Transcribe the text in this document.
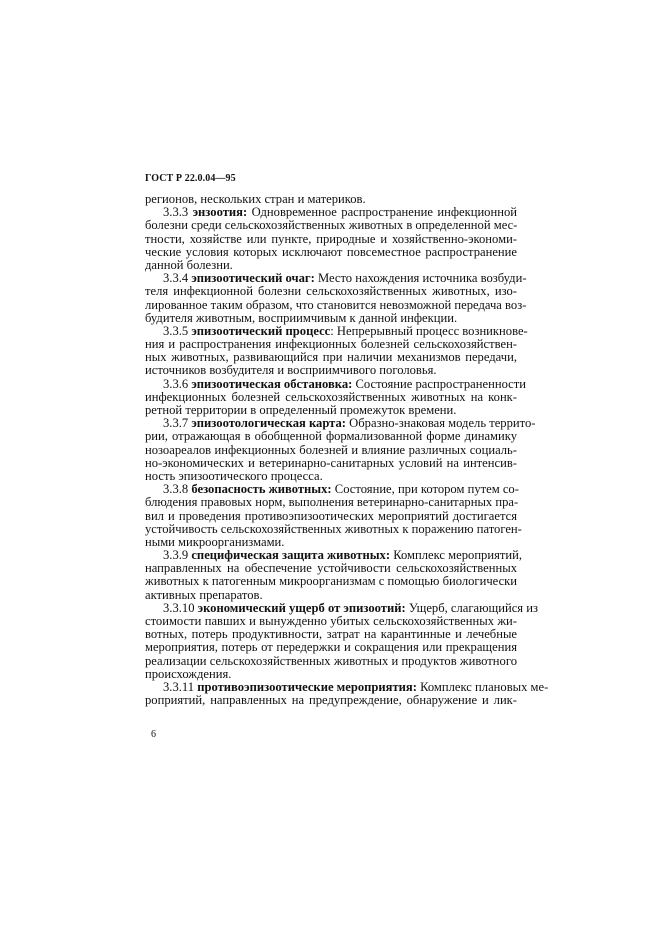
ГОСТ Р 22.0.04—95
регионов, нескольких стран и материков.
3.3.3 энзоотия: Одновременное распространение инфекционной
болезни среди сельскохозяйственных животных в определенной мес-
тности, хозяйстве или пункте, природные и хозяйственно-экономи-
ческие условия которых исключают повсеместное распространение
данной болезни.
3.3.4 эпизоотический очаг: Место нахождения источника возбуди-
теля инфекционной болезни сельскохозяйственных животных, изо-
лированное таким образом, что становится невозможной передача воз-
будителя животным, восприимчивым к данной инфекции.
3.3.5 эпизоотический процесс: Непрерывный процесс возникнове-
ния и распространения инфекционных болезней сельскохозяйствен-
ных животных, развивающийся при наличии механизмов передачи,
источников возбудителя и восприимчивого поголовья.
3.3.6 эпизоотическая обстановка: Состояние распространенности
инфекционных болезней сельскохозяйственных животных на конк-
ретной территории в определенный промежуток времени.
3.3.7 эпизоотологическая карта: Образно-знаковая модель террито-
рии, отражающая в обобщенной формализованной форме динамику
нозоареалов инфекционных болезней и влияние различных социаль-
но-экономических и ветеринарно-санитарных условий на интенсив-
ность эпизоотического процесса.
3.3.8 безопасность животных: Состояние, при котором путем со-
блюдения правовых норм, выполнения ветеринарно-санитарных пра-
вил и проведения противоэпизоотических мероприятий достигается
устойчивость сельскохозяйственных животных к поражению патоген-
ными микроорганизмами.
3.3.9 специфическая защита животных: Комплекс мероприятий,
направленных на обеспечение устойчивости сельскохозяйственных
животных к патогенным микроорганизмам с помощью биологически
активных препаратов.
3.3.10 экономический ущерб от эпизоотий: Ущерб, слагающийся из
стоимости павших и вынужденно убитых сельскохозяйственных жи-
вотных, потерь продуктивности, затрат на карантинные и лечебные
мероприятия, потерь от передержки и сокращения или прекращения
реализации сельскохозяйственных животных и продуктов животного
происхождения.
3.3.11 противоэпизоотические мероприятия: Комплекс плановых ме-
роприятий, направленных на предупреждение, обнаружение и лик-
6
